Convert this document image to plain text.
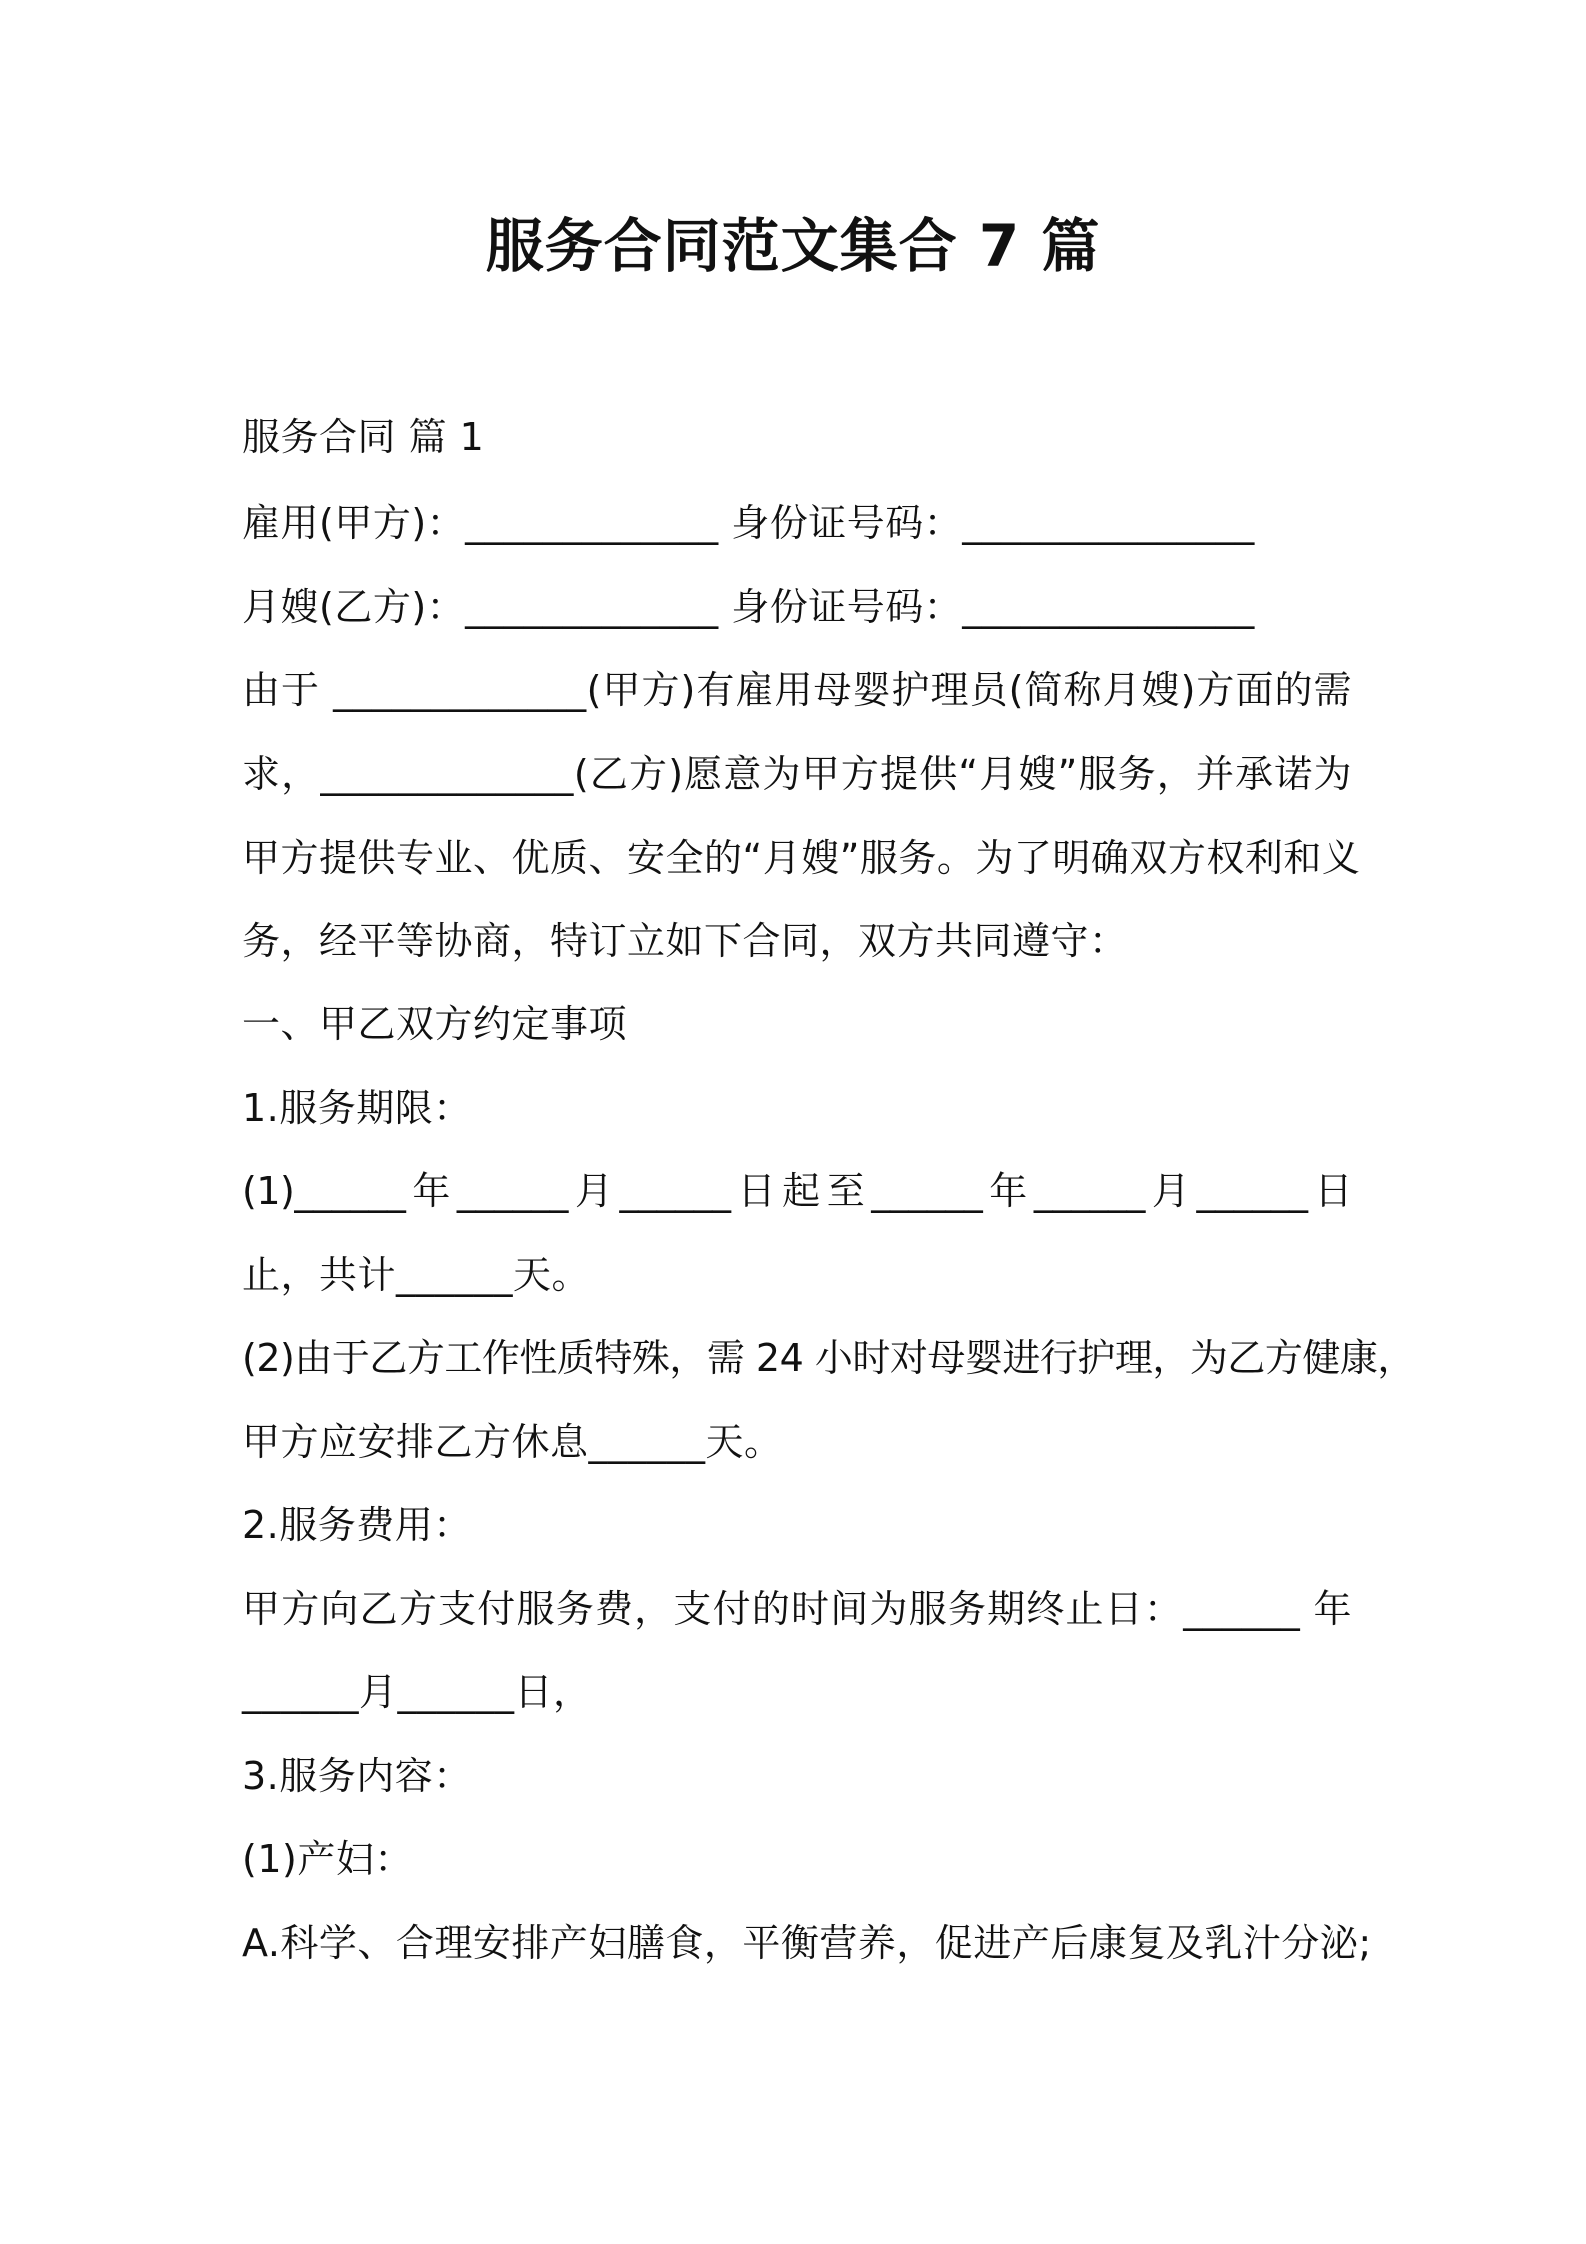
服务合同范文集合 7 篇
服务合同 篇 1
雇用(甲方)：_____________ 身份证号码：_______________
月嫂(乙方)：_____________ 身份证号码：_______________
由于 _____________(甲方)有雇用母婴护理员(简称月嫂)方面的需
求，_____________(乙方)愿意为甲方提供“月嫂”服务，并承诺为
甲方提供专业、优质、安全的“月嫂”服务。为了明确双方权利和义
务，经平等协商，特订立如下合同，双方共同遵守：
一、甲乙双方约定事项
1.服务期限：
(1)______年______月______日起至______年______月______日
止，共计______天。
(2)由于乙方工作性质特殊，需 24 小时对母婴进行护理，为乙方健康，
甲方应安排乙方休息______天。
2.服务费用：
甲方向乙方支付服务费，支付的时间为服务期终止日：______ 年
______月______日，
3.服务内容：
(1)产妇：
A.科学、合理安排产妇膳食，平衡营养，促进产后康复及乳汁分泌;
